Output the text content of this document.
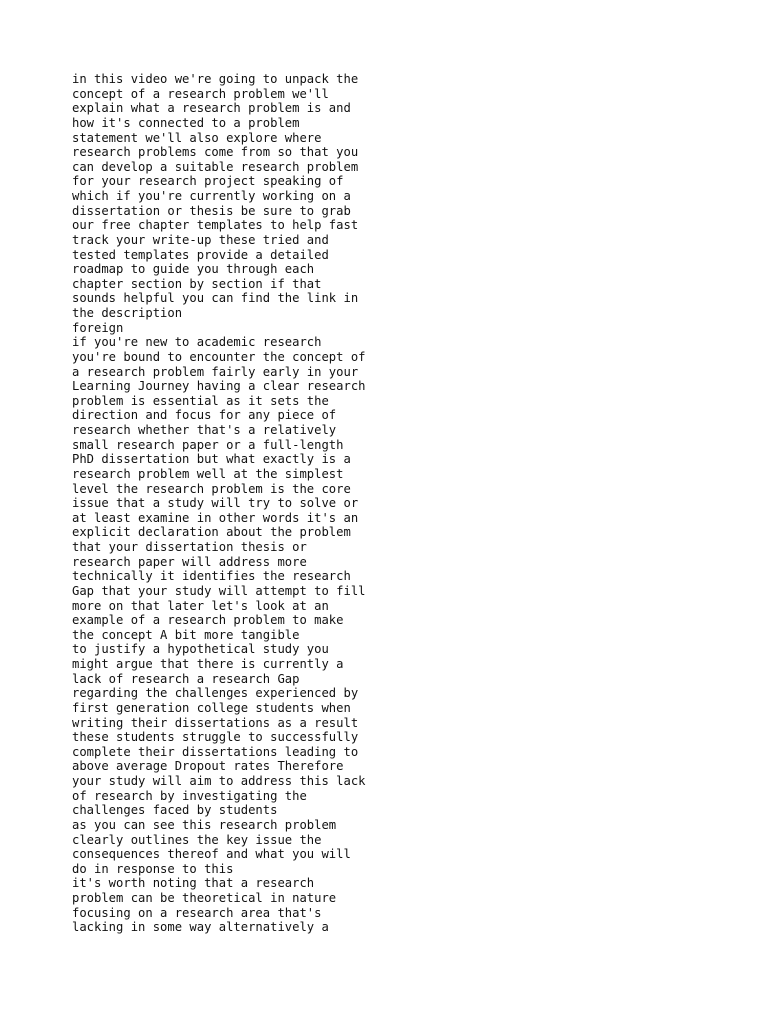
in this video we're going to unpack the
concept of a research problem we'll
explain what a research problem is and
how it's connected to a problem
statement we'll also explore where
research problems come from so that you
can develop a suitable research problem
for your research project speaking of
which if you're currently working on a
dissertation or thesis be sure to grab
our free chapter templates to help fast
track your write-up these tried and
tested templates provide a detailed
roadmap to guide you through each
chapter section by section if that
sounds helpful you can find the link in
the description
foreign
if you're new to academic research
you're bound to encounter the concept of
a research problem fairly early in your
Learning Journey having a clear research
problem is essential as it sets the
direction and focus for any piece of
research whether that's a relatively
small research paper or a full-length
PhD dissertation but what exactly is a
research problem well at the simplest
level the research problem is the core
issue that a study will try to solve or
at least examine in other words it's an
explicit declaration about the problem
that your dissertation thesis or
research paper will address more
technically it identifies the research
Gap that your study will attempt to fill
more on that later let's look at an
example of a research problem to make
the concept A bit more tangible
to justify a hypothetical study you
might argue that there is currently a
lack of research a research Gap
regarding the challenges experienced by
first generation college students when
writing their dissertations as a result
these students struggle to successfully
complete their dissertations leading to
above average Dropout rates Therefore
your study will aim to address this lack
of research by investigating the
challenges faced by students
as you can see this research problem
clearly outlines the key issue the
consequences thereof and what you will
do in response to this
it's worth noting that a research
problem can be theoretical in nature
focusing on a research area that's
lacking in some way alternatively a
